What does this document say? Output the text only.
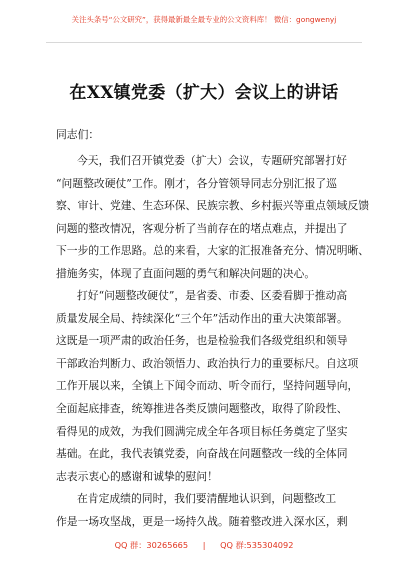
关注头条号“公文研究”，获得最新最全最专业的公文资料库！ 微信：gongwenyj
在XX镇党委（扩大）会议上的讲话
同志们：

今天，我们召开镇党委（扩大）会议，专题研究部署打好
“问题整改硬仗”工作。刚才，各分管领导同志分别汇报了巡
察、审计、党建、生态环保、民族宗教、乡村振兴等重点领域反馈
问题的整改情况，客观分析了当前存在的堵点难点，并提出了
下一步的工作思路。总的来看，大家的汇报准备充分、情况明晰、
措施务实，体现了直面问题的勇气和解决问题的决心。

打好“问题整改硬仗”，是省委、市委、区委看脚于推动高
质量发展全局、持续深化“三个年”活动作出的重大决策部署。
这既是一项严肃的政治任务，也是检验我们各级党组织和领导
干部政治判断力、政治领悟力、政治执行力的重要标尺。自这项
工作开展以来，全镇上下闻令而动、听令而行，坚持问题导向，
全面起底排查，统筹推进各类反馈问题整改，取得了阶段性、
看得见的成效，为我们圆满完成全年各项目标任务奠定了坚实
基础。在此，我代表镇党委，向奋战在问题整改一线的全体同
志表示衷心的感谢和诚挚的慰问！

在肯定成绩的同时，我们要清醒地认识到，问题整改工
作是一场攻坚战，更是一场持久战。随着整改进入深水区，剩

QQ 群：30265665 | QQ 群:535304092
